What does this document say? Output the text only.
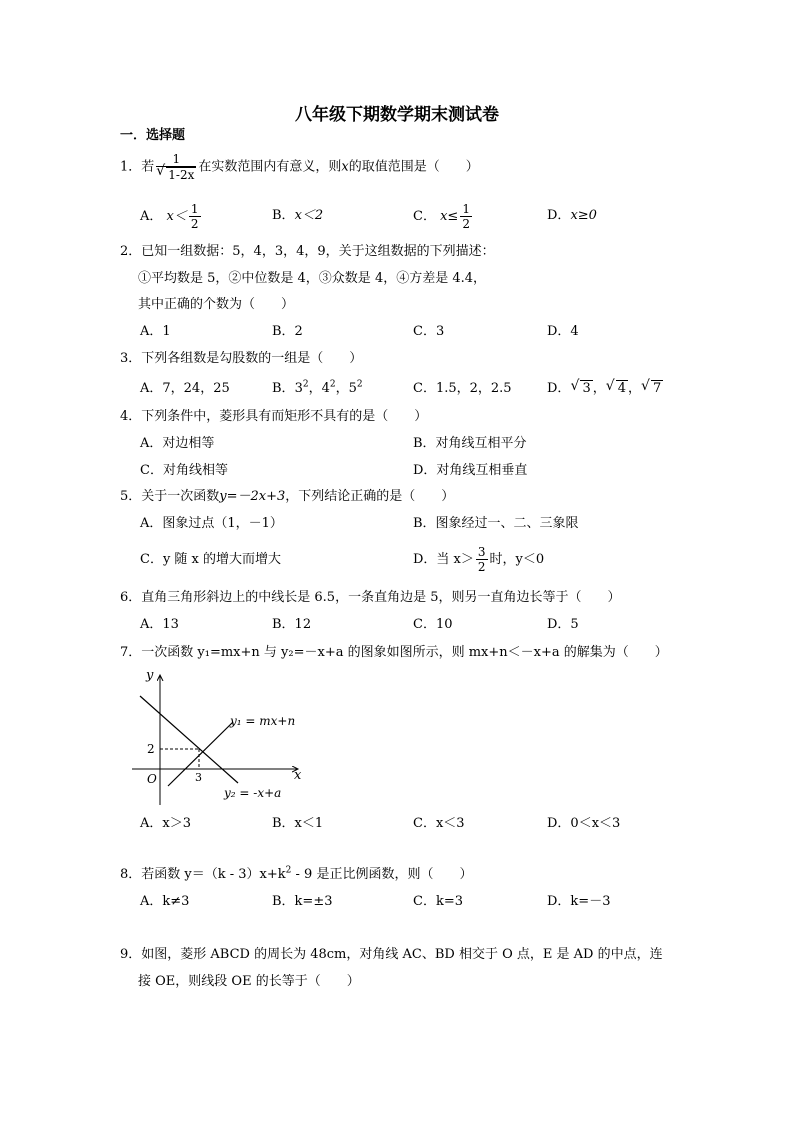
八年级下期数学期末测试卷
一．选择题
1．若 $\frac{1}{√ 1-2x}$ 在实数范围内有意义，则x的取值范围是（　　）
A． $x< \frac{1}{2}$	B．x＜2	C． $x\le \frac{1}{2}$	D．x≥0
2．已知一组数据：5，4，3，4，9，关于这组数据的下列描述：
①平均数是 5，②中位数是 4，③众数是 4，④方差是 4.4，
其中正确的个数为（　　）
A．1	B．2	C．3	D．4
3．下列各组数是勾股数的一组是（　　）
A．7，24，25	B．$3^2$，$4^2$，$5^2$	C．1.5，2，2.5	D． √ 3 ， √ 4 ， √ 7
4．下列条件中，菱形具有而矩形不具有的是（　　）
A．对边相等	B．对角线互相平分
C．对角线相等	D．对角线互相垂直
5．关于一次函数y=－2x+3，下列结论正确的是（　　）
A．图象过点（1，－1）	B．图象经过一、二、三象限
C．y 随 x 的增大而增大	D．当 $x> \frac{3}{2}$ 时，y＜0
6．直角三角形斜边上的中线长是 6.5，一条直角边是 5，则另一直角边长等于（　　）
A．13	B．12	C．10	D．5
7．一次函数 y₁=mx+n 与 y₂=－x+a 的图象如图所示，则 mx+n＜－x+a 的解集为（　　）
y
x
O
2
3
y₁ = mx+n
y₂ = -x+a
A．x＞3	B．x＜1	C．x＜3	D．0＜x＜3
8．若函数 $y=(k - 3)x+k^2 - 9$ 是正比例函数，则（　　）
A．k≠3	B．k=±3	C．k=3	D．k=－3
9．如图，菱形 ABCD 的周长为 48cm，对角线 AC、BD 相交于 O 点，E 是 AD 的中点，连
接 OE，则线段 OE 的长等于（　　）
